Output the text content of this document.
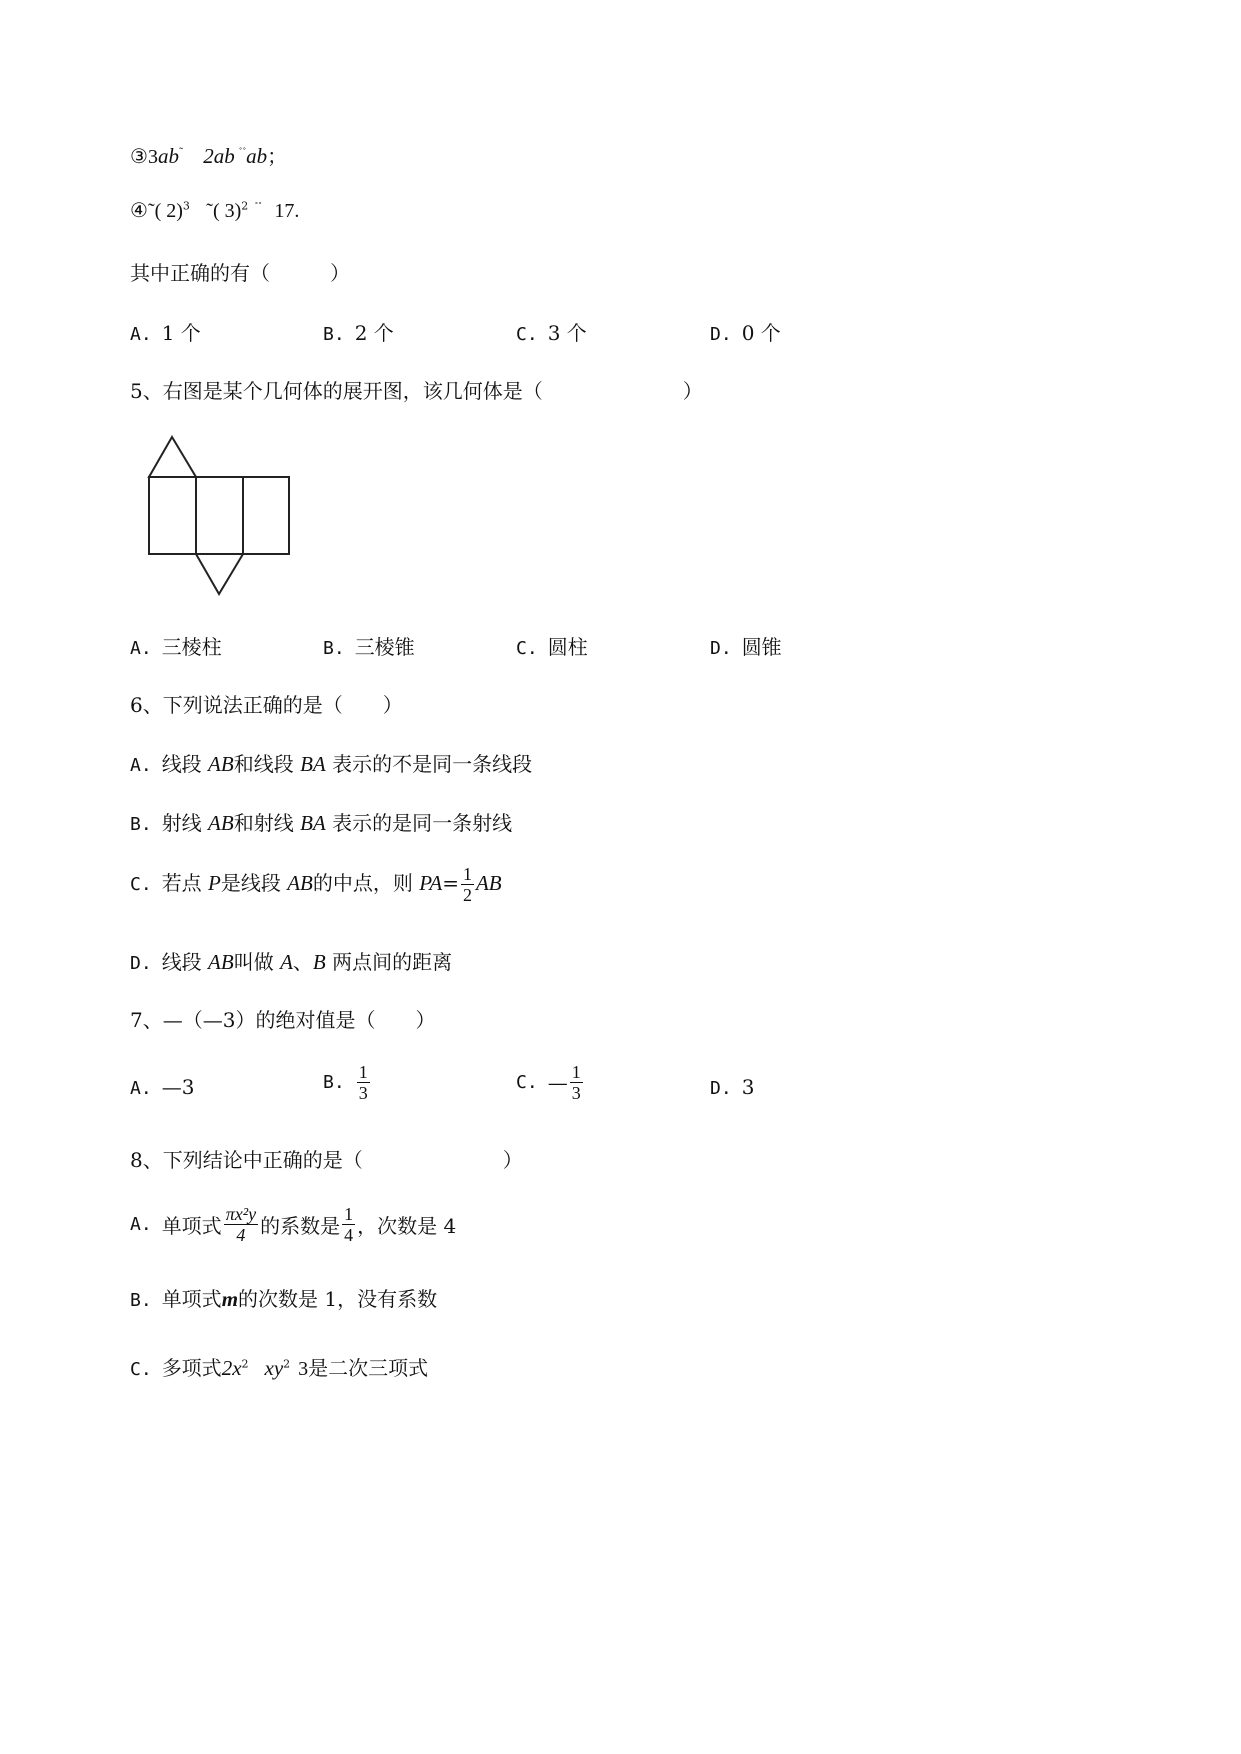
③3ab˜ 2ab ˚˚ab；
④˜( 2)$^3$ ˜( 3)$^2$ ˚˚ 17.
其中正确的有（　　　）
A. 1 个	B. 2 个	C. 3 个	D. 0 个
5、右图是某个几何体的展开图，该几何体是（　　　　　　　）
A. 三棱柱	B. 三棱锥	C. 圆柱	D. 圆锥
6、下列说法正确的是（　　）
A. 线段 AB和线段 BA 表示的不是同一条线段
B. 射线 AB和射线 BA 表示的是同一条射线
C. 若点 P是线段 AB的中点，则 $PA= \frac{1}{2}$ AB
D. 线段 AB叫做 A、B 两点间的距离
7、—（—3）的绝对值是（　　）
A. —3	B. $\frac{1}{3}$	C. — $\frac{1}{3}$	D. 3
8、下列结论中正确的是（　　　　　　　）
A. 单项式 $\frac{\text{πx²y}}{4}$ 的系数是 $\frac{1}{4}$ ，次数是 4
B. 单项式m的次数是 1，没有系数
C. 多项式$2x^2$ $xy^2$ 3是二次三项式
